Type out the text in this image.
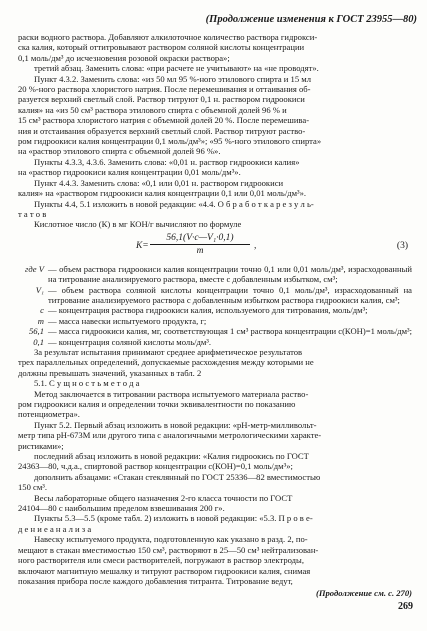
(Продолжение изменения к ГОСТ 23955—80)

раски водного раствора. Добавляют алкилоточное количество раствора гидрокси-

ска калия, который оттитровывают раствором соляной кислоты концентрации

0,1 моль/дм³ до исчезновения розовой окраски раствора»;

третий абзац. Заменить слова: «при расчете не учитывают» на «не проводят».

Пункт 4.3.2. Заменить слова: «из 50 мл 95 %-ного этилового спирта и 15 мл

20 %-ного раствора хлористого натрия. После перемешивания и оттаивания об-

разуется верхний светлый слой. Раствор титруют 0,1 н. раствором гидроокиси

калия» на «из 50 см³ раствора этилового спирта с объемной долей 96 % и

15 см³ раствора хлористого натрия с объемной долей 20 %. После перемешива-

ния и отстаивания образуется верхний светлый слой. Раствор титруют раство-

ром гидроокиси калия концентрации 0,1 моль/дм³»; «95 %-ного этилового спирта»

на «раствор этилового спирта с объемной долей 96 %».

Пункты 4.3.3, 4.3.6. Заменить слова: «0,01 н. раствор гидроокиси калия»

на «раствор гидроокиси калия концентрации 0,01 моль/дм³».

Пункт 4.4.3. Заменить слова: «0,1 или 0,01 н. раствором гидроокиси

калия» на «раствором гидроокиси калия концентрации 0,1 или 0,01 моль/дм³».

Пункты 4.4, 5.1 изложить в новой редакции: «4.4. О б р а б о т к а р е з у л ь-

т а т о в

Кислотное число (К) в мг КОН/г вычисляют по формуле

$К= \frac{\text{56,1(V·c—V₁·0,1)}}{m}$ ,	(3)
где V — объем раствора гидроокиси калия концентрации точно 0,1 или 0,01 моль/дм³, израсходованный на титрование анализируемого раствора, вместе с добавленным избытком, см³;
V₁ — объем раствора соляной кислоты концентрации точно 0,1 моль/дм³, израсходованный на титрование анализируемого раствора с добавленным избытком раствора гидроокиси калия, см³;
c — концентрация раствора гидроокиси калия, используемого для титрования, моль/дм³;
m — масса навески испытуемого продукта, г;
56,1 — масса гидроокиси калия, мг, соответствующая 1 см³ раствора концентрации с(КОН)=1 моль/дм³;
0,1 — концентрация соляной кислоты моль/дм³.

За результат испытания принимают среднее арифметическое результатов

трех параллельных определений, допускаемые расхождения между которыми не

должны превышать значений, указанных в табл. 2

5.1. С у щ н о с т ь м е т о д а

Метод заключается в титровании раствора испытуемого материала раство-

ром гидроокиси калия и определении точки эквивалентности по показанию

потенциометра».

Пункт 5.2. Первый абзац изложить в новой редакции: «рН-метр-милливольт-

метр типа рН-673М или другого типа с аналогичными метрологическими характе-

ристиками»;

последний абзац изложить в новой редакции: «Калия гидроокись по ГОСТ

24363—80, ч.д.а., спиртовой раствор концентрации с(КОН)=0,1 моль/дм³»;

дополнить абзацами: «Стакан стеклянный по ГОСТ 25336—82 вместимостью

150 см³.

Весы лабораторные общего назначения 2-го класса точности по ГОСТ

24104—80 с наибольшим пределом взвешивания 200 г».

Пункты 5.3—5.5 (кроме табл. 2) изложить в новой редакции: «5.3. П р о в е-

д е н и е а н а л и з а

Навеску испытуемого продукта, подготовленную как указано в разд. 2, по-

мещают в стакан вместимостью 150 см³, растворяют в 25—50 см³ нейтрализован-

ного растворителя или смеси растворителей, погружают в раствор электроды,

включают магнитную мешалку и титруют раствором гидроокиси калия, снимая

показания прибора после каждого добавления титранта. Титрование ведут,

(Продолжение см. с. 270)
269
